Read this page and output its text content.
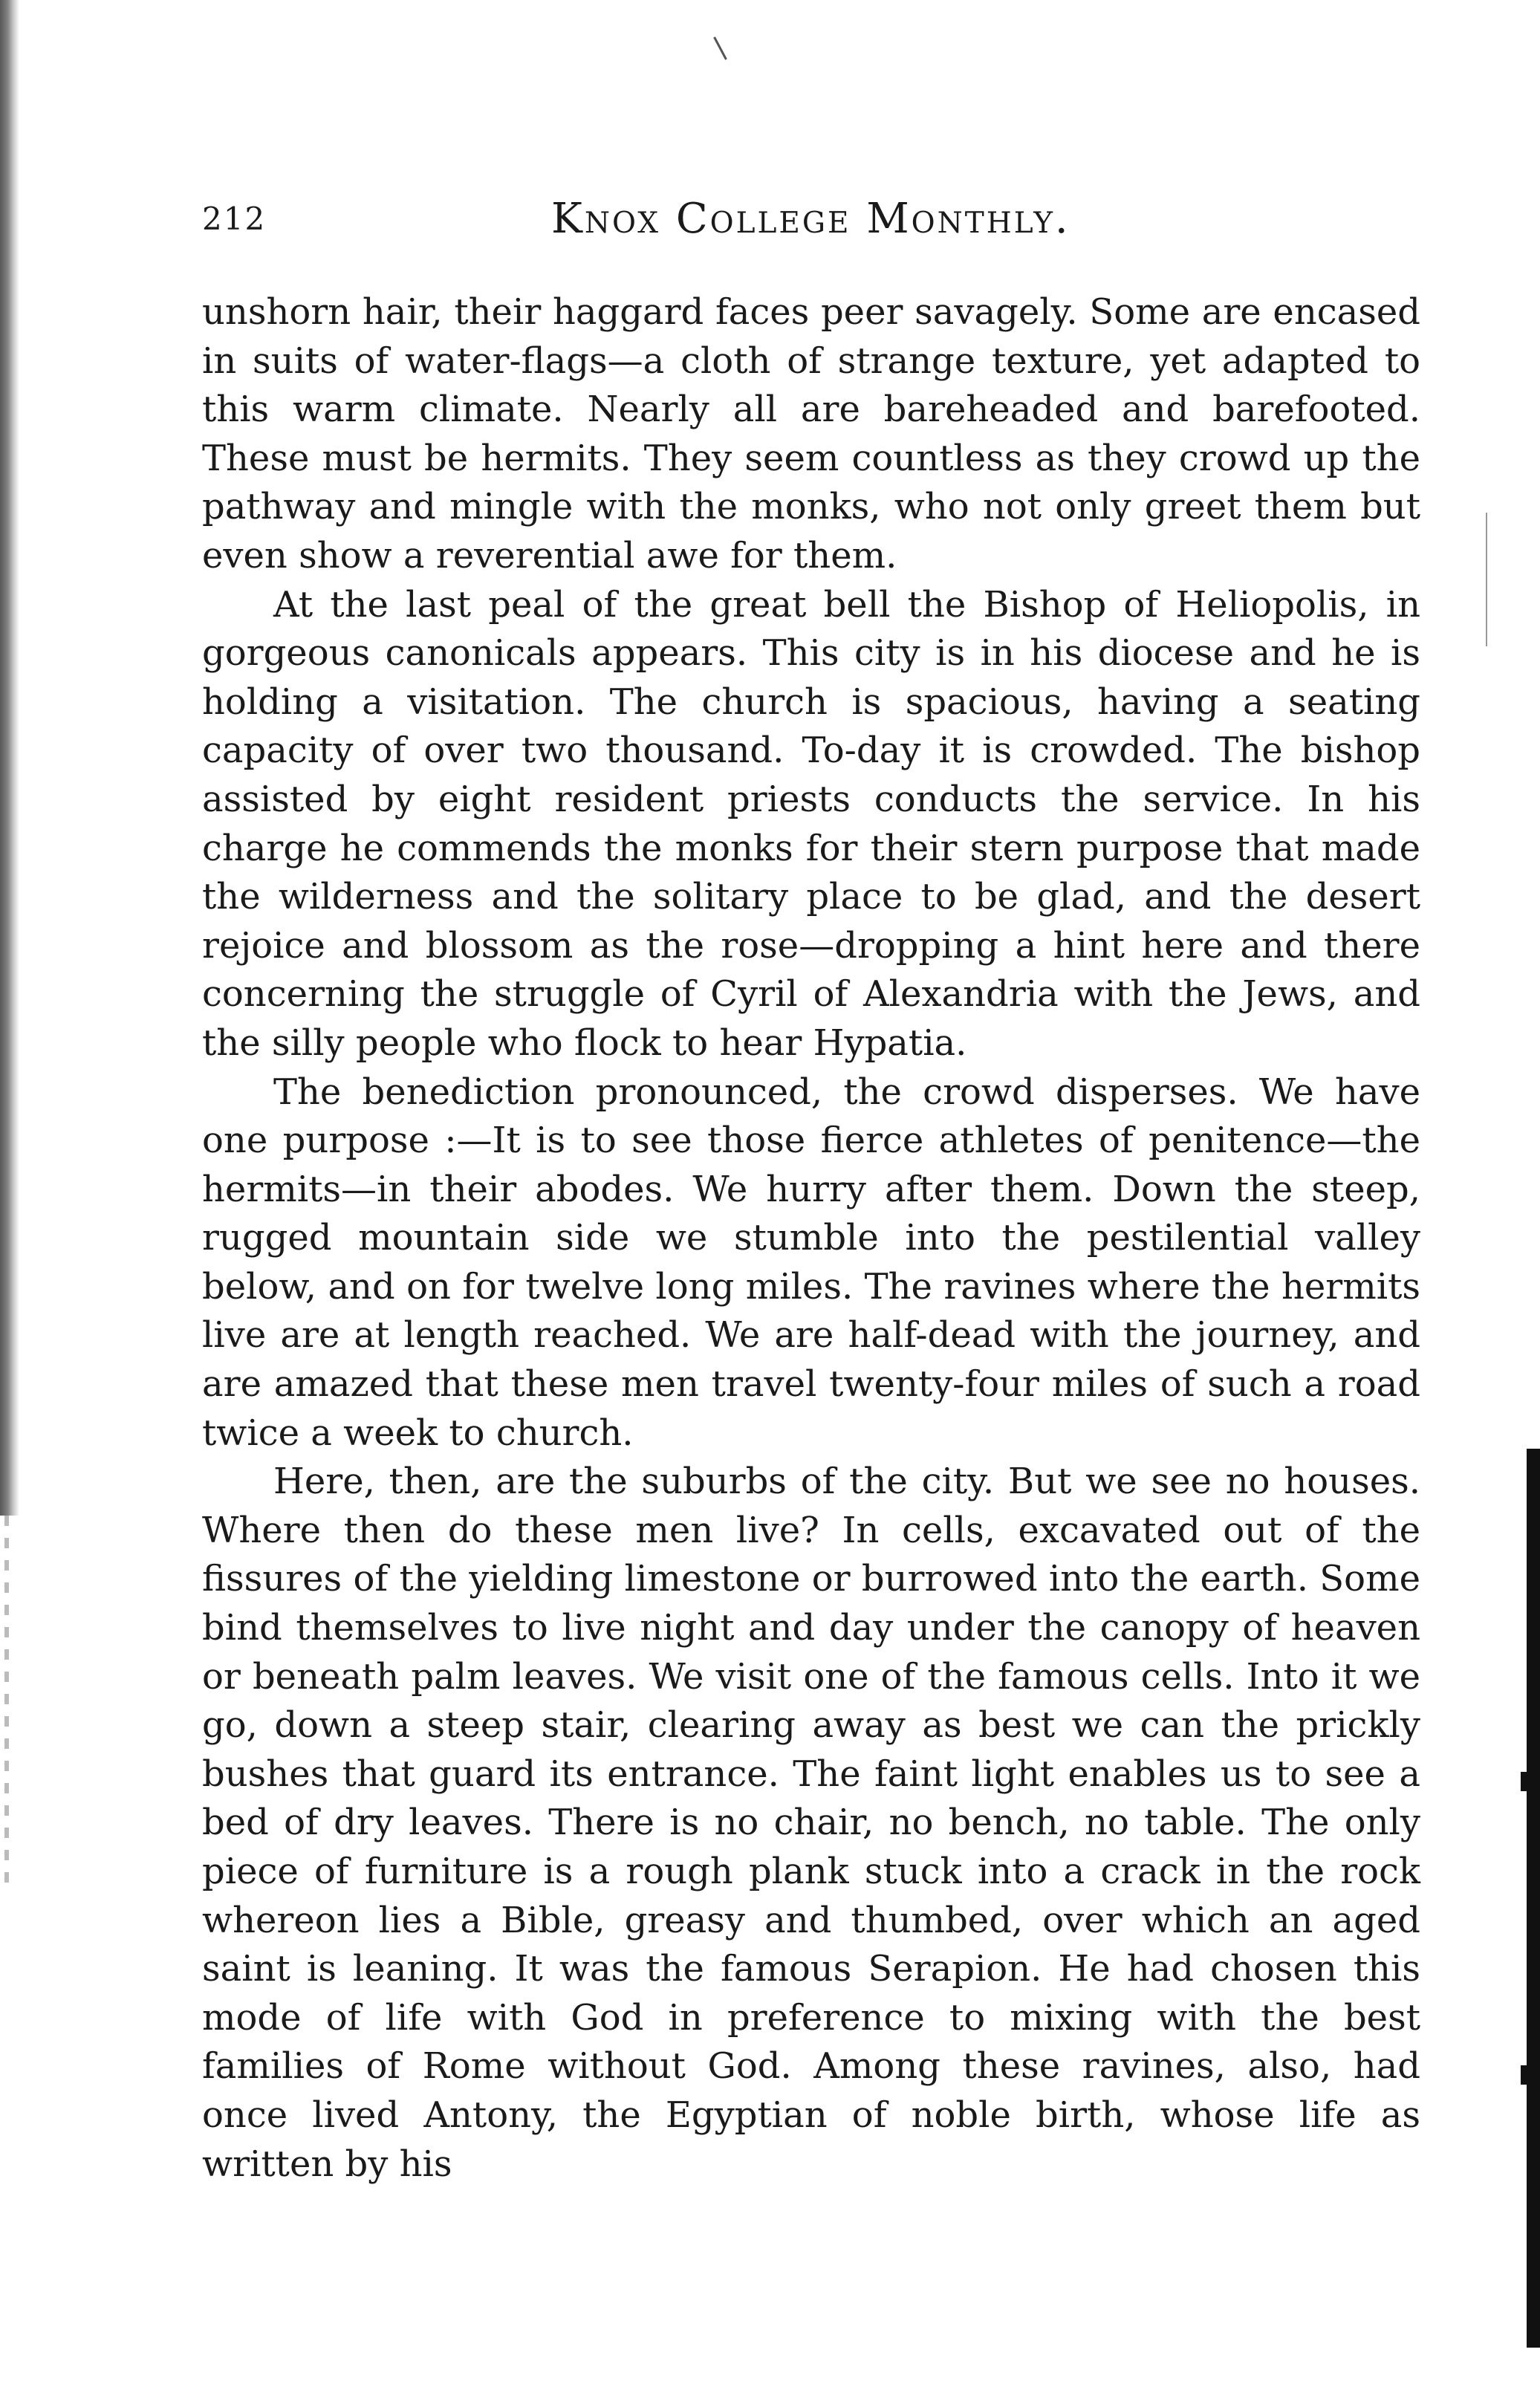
212	Knox College Monthly.

unshorn hair, their haggard faces peer savagely. Some are encased in suits of water-flags—a cloth of strange texture, yet adapted to this warm climate. Nearly all are bareheaded and barefooted. These must be hermits. They seem countless as they crowd up the pathway and mingle with the monks, who not only greet them but even show a reverential awe for them.

At the last peal of the great bell the Bishop of Heliopolis, in gorgeous canonicals appears. This city is in his diocese and he is holding a visitation. The church is spacious, having a seating capacity of over two thousand. To-day it is crowded. The bishop assisted by eight resident priests conducts the service. In his charge he commends the monks for their stern purpose that made the wilderness and the solitary place to be glad, and the desert rejoice and blossom as the rose—dropping a hint here and there concerning the struggle of Cyril of Alexandria with the Jews, and the silly people who flock to hear Hypatia.

The benediction pronounced, the crowd disperses. We have one purpose :—It is to see those fierce athletes of penitence—the hermits—in their abodes. We hurry after them. Down the steep, rugged mountain side we stumble into the pestilential valley below, and on for twelve long miles. The ravines where the hermits live are at length reached. We are half-dead with the journey, and are amazed that these men travel twenty-four miles of such a road twice a week to church.

Here, then, are the suburbs of the city. But we see no houses. Where then do these men live? In cells, excavated out of the fissures of the yielding limestone or burrowed into the earth. Some bind themselves to live night and day under the canopy of heaven or beneath palm leaves. We visit one of the famous cells. Into it we go, down a steep stair, clearing away as best we can the prickly bushes that guard its entrance. The faint light enables us to see a bed of dry leaves. There is no chair, no bench, no table. The only piece of furniture is a rough plank stuck into a crack in the rock whereon lies a Bible, greasy and thumbed, over which an aged saint is leaning. It was the famous Serapion. He had chosen this mode of life with God in preference to mixing with the best families of Rome without God. Among these ravines, also, had once lived Antony, the Egyptian of noble birth, whose life as written by his
